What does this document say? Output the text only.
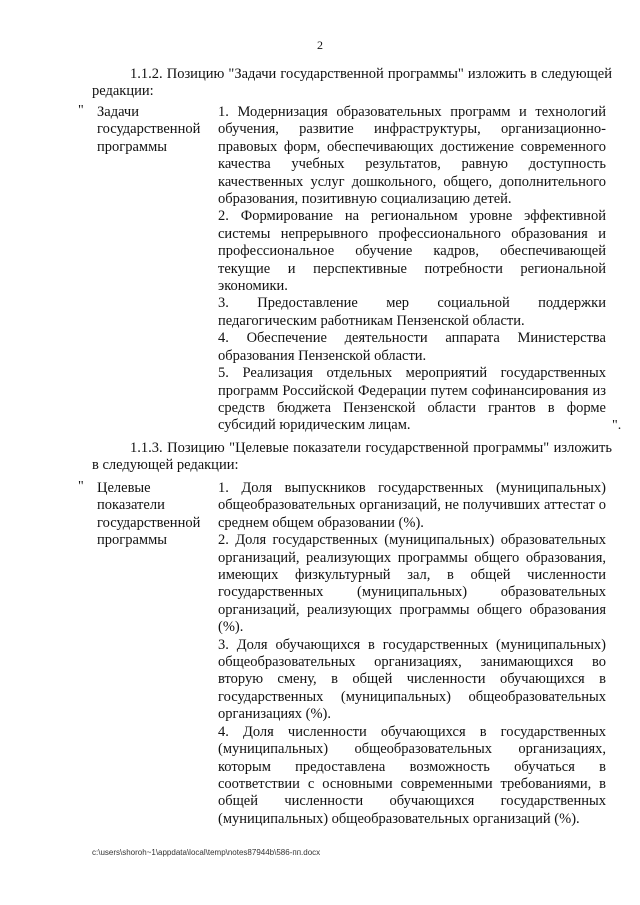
2

1.1.2. Позицию "Задачи государственной программы" изложить в следующей редакции:

" Задачи
государственной
программы

1. Модернизация образовательных программ и технологий обучения, развитие инфраструктуры, организационно-правовых форм, обеспечивающих достижение современного качества учебных результатов, равную доступность качественных услуг дошкольного, общего, дополнительного образования, позитивную социализацию детей.

2. Формирование на региональном уровне эффективной системы непрерывного профессионального образования и профессиональное обучение кадров, обеспечивающей текущие и перспективные потребности региональной экономики.

3. Предоставление мер социальной поддержки педагогическим работникам Пензенской области.

4. Обеспечение деятельности аппарата Министерства образования Пензенской области.

5. Реализация отдельных мероприятий государственных программ Российской Федерации путем софинансирования из средств бюджета Пензенской области грантов в форме субсидий юридическим лицам.	".

1.1.3. Позицию "Целевые показатели государственной программы" изложить в следующей редакции:

" Целевые
показатели
государственной
программы

1. Доля выпускников государственных (муниципальных) общеобразовательных организаций, не получивших аттестат о среднем общем образовании (%).

2. Доля государственных (муниципальных) образовательных организаций, реализующих программы общего образования, имеющих физкультурный зал, в общей численности государственных (муниципальных) образовательных организаций, реализующих программы общего образования (%).

3. Доля обучающихся в государственных (муниципальных) общеобразовательных организациях, занимающихся во вторую смену, в общей численности обучающихся в государственных (муниципальных) общеобразовательных организациях (%).

4. Доля численности обучающихся в государственных (муниципальных) общеобразовательных организациях, которым предоставлена возможность обучаться в соответствии с основными современными требованиями, в общей численности обучающихся государственных (муниципальных) общеобразовательных организаций (%).

c:\users\shoroh~1\appdata\local\temp\notes87944b\586-пп.docx
